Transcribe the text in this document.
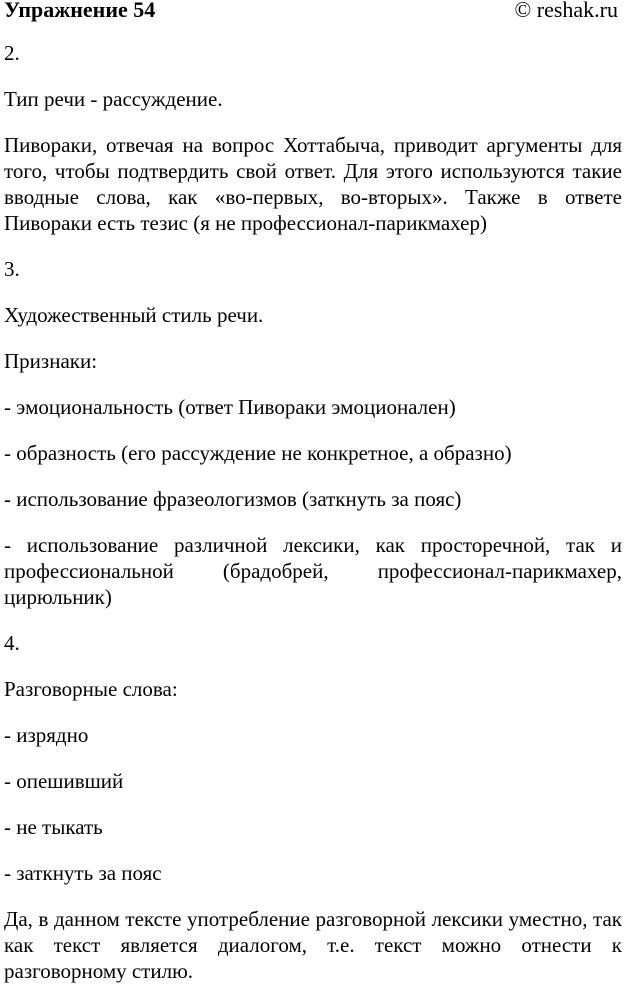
Упражнение 54	© reshak.ru

2.

Тип речи - рассуждение.

Пивораки, отвечая на вопрос Хоттабыча, приводит аргументы для того, чтобы подтвердить свой ответ. Для этого используются такие вводные слова, как «во-первых, во-вторых». Также в ответе Пивораки есть тезис (я не профессионал-парикмахер)

3.

Художественный стиль речи.

Признаки:

- эмоциональность (ответ Пивораки эмоционален)

- образность (его рассуждение не конкретное, а образно)

- использование фразеологизмов (заткнуть за пояс)

- использование различной лексики, как просторечной, так и профессиональной (брадобрей, профессионал-парикмахер, цирюльник)

4.

Разговорные слова:

- изрядно

- опешивший

- не тыкать

- заткнуть за пояс

Да, в данном тексте употребление разговорной лексики уместно, так как текст является диалогом, т.е. текст можно отнести к разговорному стилю.
